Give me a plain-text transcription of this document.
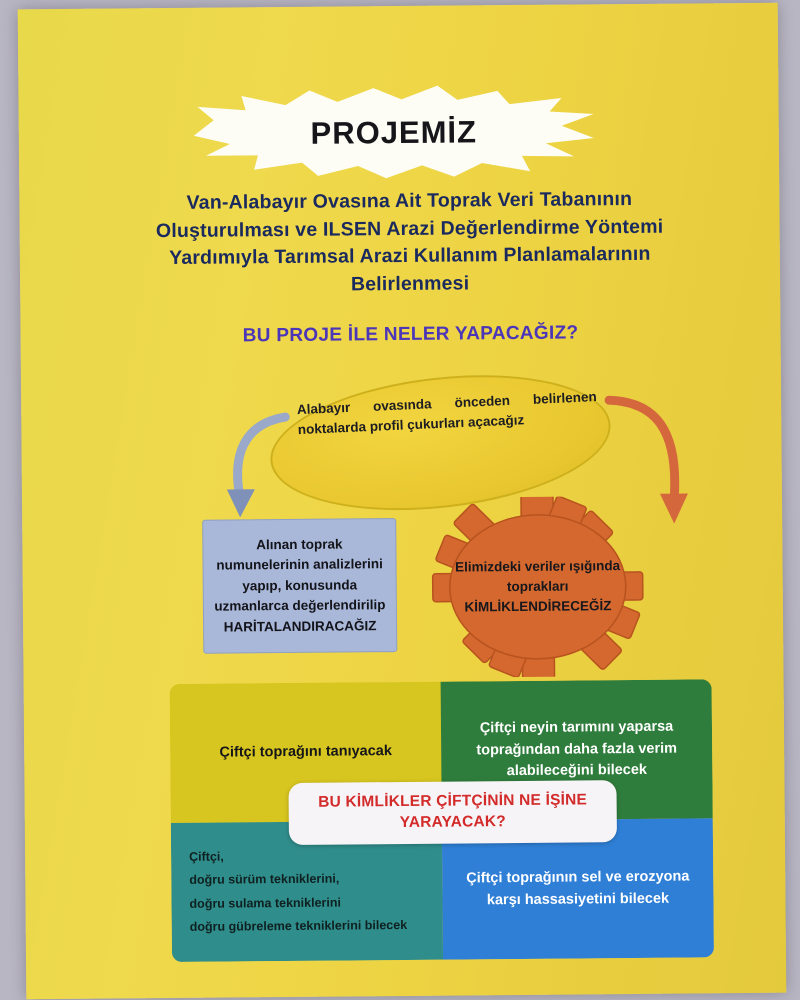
PROJEMİZ
Van-Alabayır Ovasına Ait Toprak Veri Tabanının Oluşturulması ve ILSEN Arazi Değerlendirme Yöntemi Yardımıyla Tarımsal Arazi Kullanım Planlamalarının Belirlenmesi
BU PROJE İLE NELER YAPACAĞIZ?
Alabayır ovasında önceden belirlenen noktalarda profil çukurları açacağız
Alınan toprak numunelerinin analizlerini yapıp, konusunda uzmanlarca değerlendirilip HARİTALANDIRACAĞIZ
Elimizdeki veriler ışığında toprakları KİMLİKLENDİRECEĞİZ
Çiftçi toprağını tanıyacak
Çiftçi neyin tarımını yaparsa toprağından daha fazla verim alabileceğini bilecek
Çiftçi,
doğru sürüm tekniklerini,
doğru sulama tekniklerini
doğru gübreleme tekniklerini bilecek
Çiftçi toprağının sel ve erozyona karşı hassasiyetini bilecek
BU KİMLİKLER ÇİFTÇİNİN NE İŞİNE YARAYACAK?
